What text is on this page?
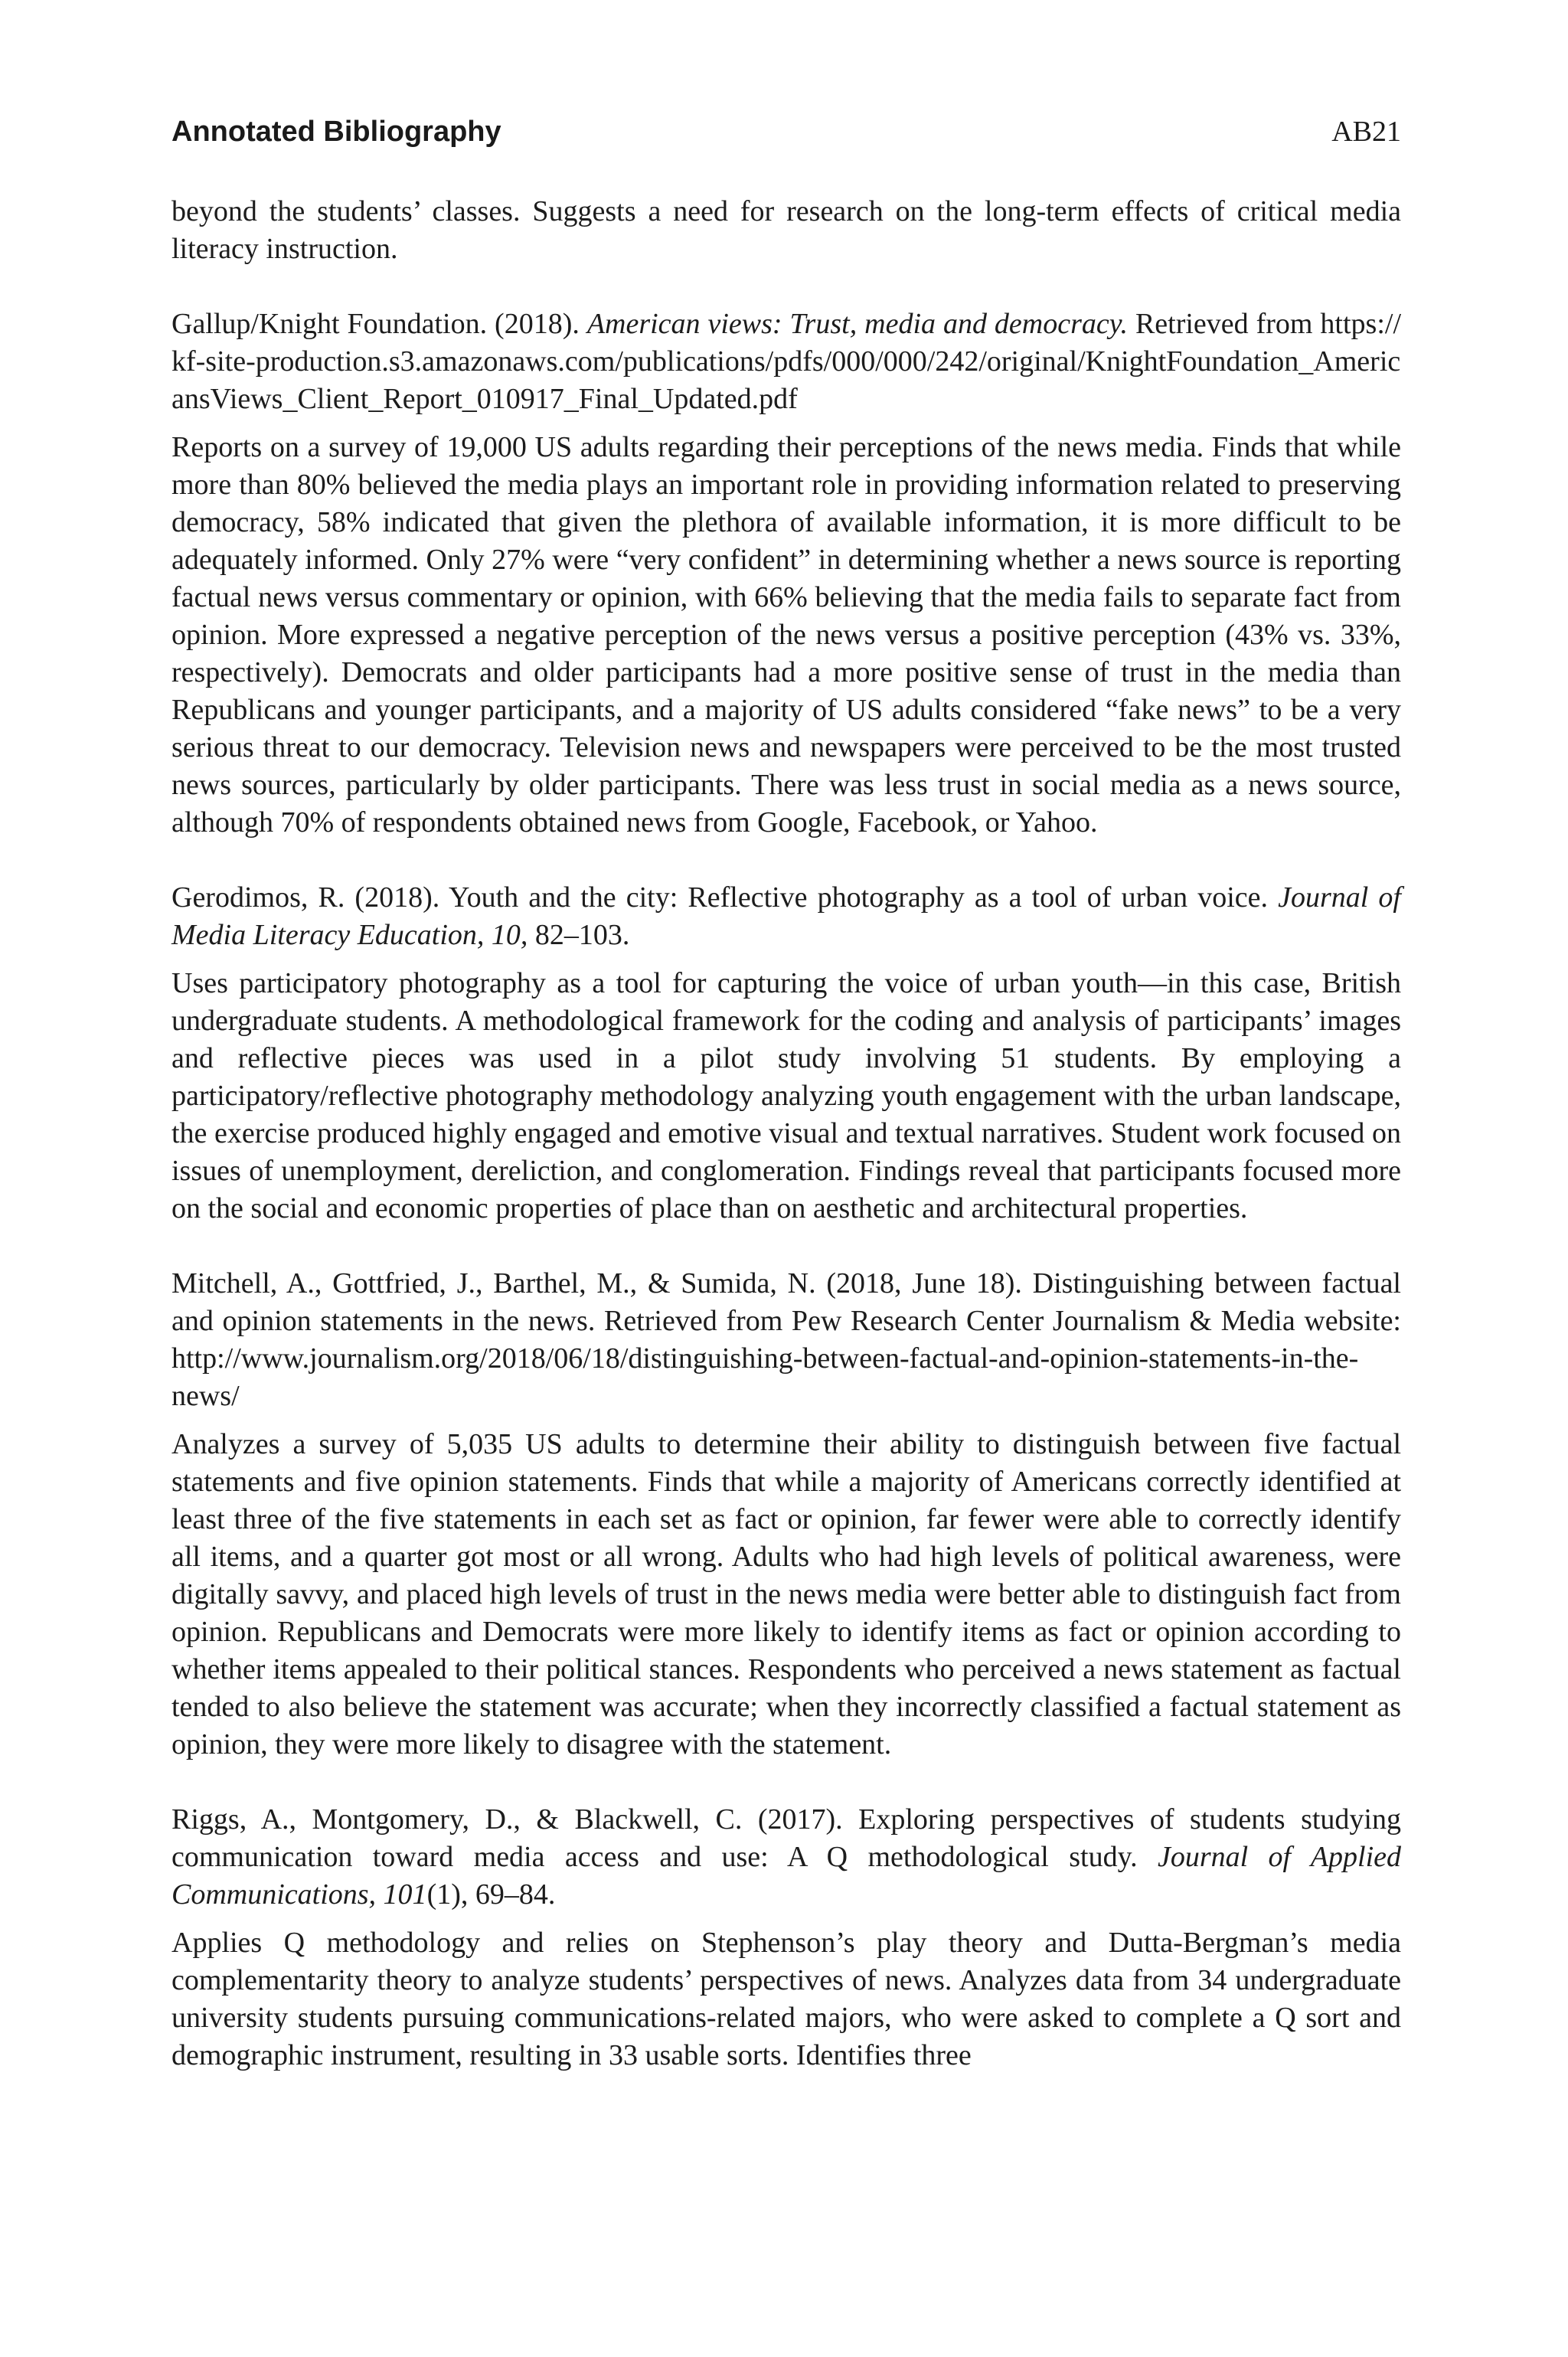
Annotated Bibliography	AB21

beyond the students’ classes. Suggests a need for research on the long-term effects of critical media literacy instruction.

Gallup/Knight Foundation. (2018). American views: Trust, media and democracy. Retrieved from https://kf-site-production.s3.amazonaws.com/publications/pdfs/000/000/242/original/KnightFoundation_AmericansViews_Client_Report_010917_Final_Updated.pdf

Reports on a survey of 19,000 US adults regarding their perceptions of the news media. Finds that while more than 80% believed the media plays an important role in providing information related to preserving democracy, 58% indicated that given the plethora of available information, it is more difficult to be adequately informed. Only 27% were “very confident” in determining whether a news source is reporting factual news versus commentary or opinion, with 66% believing that the media fails to separate fact from opinion. More expressed a negative perception of the news versus a positive perception (43% vs. 33%, respectively). Democrats and older participants had a more positive sense of trust in the media than Republicans and younger participants, and a majority of US adults considered “fake news” to be a very serious threat to our democracy. Television news and newspapers were perceived to be the most trusted news sources, particularly by older participants. There was less trust in social media as a news source, although 70% of respondents obtained news from Google, Facebook, or Yahoo.

Gerodimos, R. (2018). Youth and the city: Reflective photography as a tool of urban voice. Journal of Media Literacy Education, 10, 82–103.

Uses participatory photography as a tool for capturing the voice of urban youth—in this case, British undergraduate students. A methodological framework for the coding and analysis of participants’ images and reflective pieces was used in a pilot study involving 51 students. By employing a participatory/reflective photography methodology analyzing youth engagement with the urban landscape, the exercise produced highly engaged and emotive visual and textual narratives. Student work focused on issues of unemployment, dereliction, and conglomeration. Findings reveal that participants focused more on the social and economic properties of place than on aesthetic and architectural properties.

Mitchell, A., Gottfried, J., Barthel, M., & Sumida, N. (2018, June 18). Distinguishing between factual and opinion statements in the news. Retrieved from Pew Research Center Journalism & Media website: http://www.journalism.org/2018/06/18/distinguishing-between-factual-and-opinion-statements-in-the-news/

Analyzes a survey of 5,035 US adults to determine their ability to distinguish between five factual statements and five opinion statements. Finds that while a majority of Americans correctly identified at least three of the five statements in each set as fact or opinion, far fewer were able to correctly identify all items, and a quarter got most or all wrong. Adults who had high levels of political awareness, were digitally savvy, and placed high levels of trust in the news media were better able to distinguish fact from opinion. Republicans and Democrats were more likely to identify items as fact or opinion according to whether items appealed to their political stances. Respondents who perceived a news statement as factual tended to also believe the statement was accurate; when they incorrectly classified a factual statement as opinion, they were more likely to disagree with the statement.

Riggs, A., Montgomery, D., & Blackwell, C. (2017). Exploring perspectives of students studying communication toward media access and use: A Q methodological study. Journal of Applied Communications, 101(1), 69–84.

Applies Q methodology and relies on Stephenson’s play theory and Dutta-Bergman’s media complementarity theory to analyze students’ perspectives of news. Analyzes data from 34 undergraduate university students pursuing communications-related majors, who were asked to complete a Q sort and demographic instrument, resulting in 33 usable sorts. Identifies three
